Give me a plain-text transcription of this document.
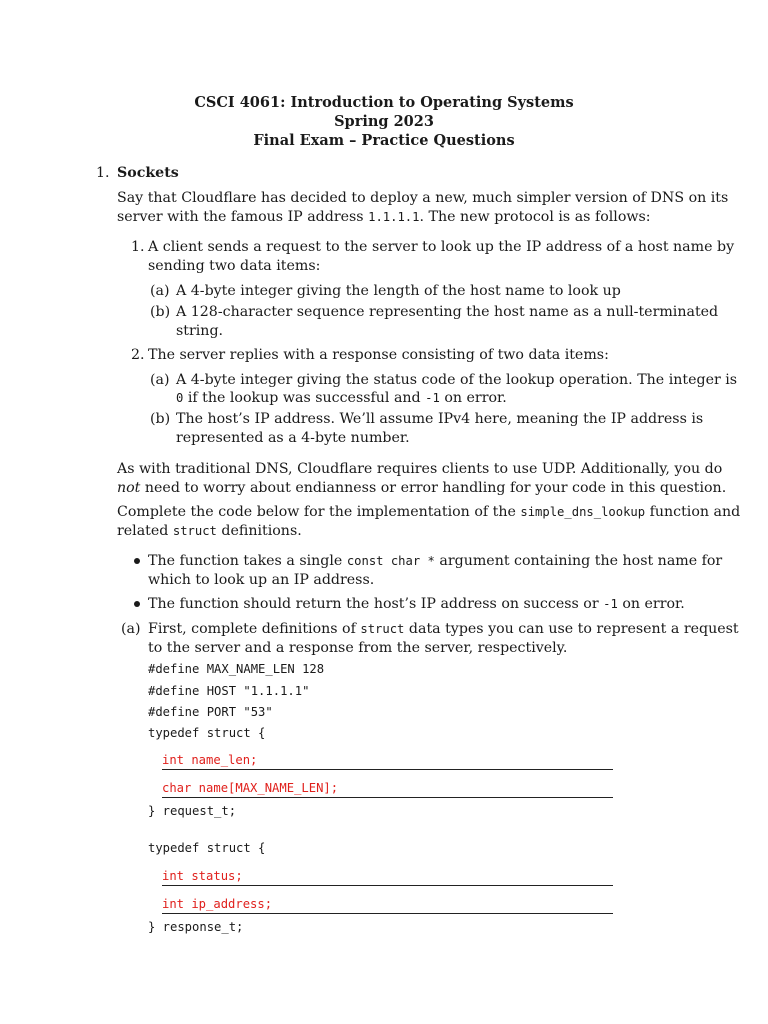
CSCI 4061: Introduction to Operating Systems
Spring 2023
Final Exam – Practice Questions
1. Sockets
Say that Cloudflare has decided to deploy a new, much simpler version of DNS on its
server with the famous IP address 1.1.1.1. The new protocol is as follows:
1. A client sends a request to the server to look up the IP address of a host name by
sending two data items:
(a) A 4-byte integer giving the length of the host name to look up
(b) A 128-character sequence representing the host name as a null-terminated
string.
2. The server replies with a response consisting of two data items:
(a) A 4-byte integer giving the status code of the lookup operation. The integer is
0 if the lookup was successful and -1 on error.
(b) The host’s IP address. We’ll assume IPv4 here, meaning the IP address is
represented as a 4-byte number.
As with traditional DNS, Cloudflare requires clients to use UDP. Additionally, you do
not need to worry about endianness or error handling for your code in this question.
Complete the code below for the implementation of the simple_dns_lookup function and
related struct definitions.
The function takes a single const char * argument containing the host name for
which to look up an IP address.
The function should return the host’s IP address on success or -1 on error.
(a) First, complete definitions of struct data types you can use to represent a request
to the server and a response from the server, respectively.
#define MAX_NAME_LEN 128
#define HOST "1.1.1.1"
#define PORT "53"
typedef struct {
int name_len;
char name[MAX_NAME_LEN];
} request_t;
typedef struct {
int status;
int ip_address;
} response_t;
